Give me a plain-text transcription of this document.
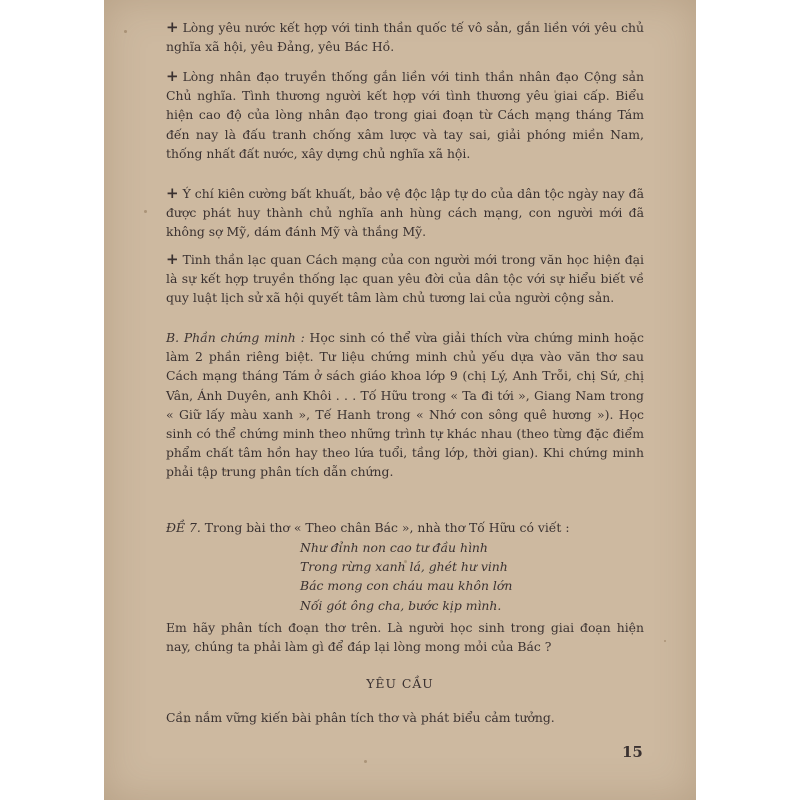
+ Lòng yêu nước kết hợp với tinh thần quốc tế vô sản, gắn liền với yêu chủ nghĩa xã hội, yêu Đảng, yêu Bác Hồ.

+ Lòng nhân đạo truyền thống gắn liền với tinh thần nhân đạo Cộng sản Chủ nghĩa. Tình thương người kết hợp với tình thương yêu giai cấp. Biểu hiện cao độ của lòng nhân đạo trong giai đoạn từ Cách mạng tháng Tám đến nay là đấu tranh chống xâm lược và tay sai, giải phóng miền Nam, thống nhất đất nước, xây dựng chủ nghĩa xã hội.

+ Ý chí kiên cường bất khuất, bảo vệ độc lập tự do của dân tộc ngày nay đã được phát huy thành chủ nghĩa anh hùng cách mạng, con người mới đã không sợ Mỹ, dám đánh Mỹ và thắng Mỹ.

+ Tinh thần lạc quan Cách mạng của con người mới trong văn học hiện đại là sự kết hợp truyền thống lạc quan yêu đời của dân tộc với sự hiểu biết về quy luật lịch sử xã hội quyết tâm làm chủ tương lai của người cộng sản.

B. Phần chứng minh : Học sinh có thể vừa giải thích vừa chứng minh hoặc làm 2 phần riêng biệt. Tư liệu chứng minh chủ yếu dựa vào văn thơ sau Cách mạng tháng Tám ở sách giáo khoa lớp 9 (chị Lý, Anh Trỗi, chị Sứ, chị Vân, Ánh Duyên, anh Khôi . . . Tố Hữu trong « Ta đi tới », Giang Nam trong « Giữ lấy màu xanh », Tế Hanh trong « Nhớ con sông quê hương »). Học sinh có thể chứng minh theo những trình tự khác nhau (theo từng đặc điểm phẩm chất tâm hồn hay theo lứa tuổi, tầng lớp, thời gian). Khi chứng minh phải tập trung phân tích dẫn chứng.

ĐỀ 7. Trong bài thơ « Theo chân Bác », nhà thơ Tố Hữu có viết :

Như đỉnh non cao tư đầu hình
Trong rừng xanh lá, ghét hư vinh
Bác mong con cháu mau khôn lớn
Nối gót ông cha, bước kịp mình.

Em hãy phân tích đoạn thơ trên. Là người học sinh trong giai đoạn hiện nay, chúng ta phải làm gì để đáp lại lòng mong mỏi của Bác ?

YÊU CẦU

Cần nắm vững kiến bài phân tích thơ và phát biểu cảm tưởng.

15
